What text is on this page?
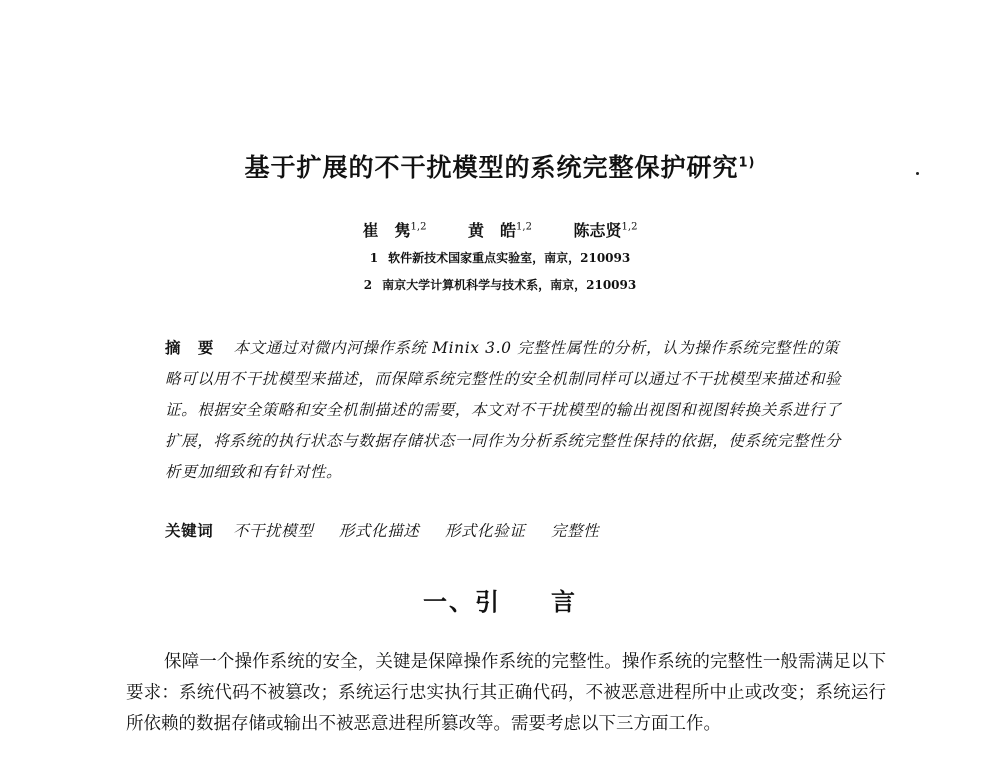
基于扩展的不干扰模型的系统完整保护研究$^{1)}$
崔　隽$^{1,2}$	黄　皓$^{1,2}$	陈志贤$^{1,2}$
1 软件新技术国家重点实验室，南京，210093
2 南京大学计算机科学与技术系，南京，210093
摘 要 本文通过对微内河操作系统 Minix 3.0 完整性属性的分析，认为操作系统完整性的策略可以用不干扰模型来描述，而保障系统完整性的安全机制同样可以通过不干扰模型来描述和验证。根据安全策略和安全机制描述的需要，本文对不干扰模型的输出视图和视图转换关系进行了扩展，将系统的执行状态与数据存储状态一同作为分析系统完整性保持的依据，使系统完整性分析更加细致和有针对性。
关键词 不干扰模型 形式化描述 形式化验证 完整性
一、引 言
保障一个操作系统的安全，关键是保障操作系统的完整性。操作系统的完整性一般需满足以下要求：系统代码不被篡改；系统运行忠实执行其正确代码，不被恶意进程所中止或改变；系统运行所依赖的数据存储或输出不被恶意进程所篡改等。需要考虑以下三方面工作。
